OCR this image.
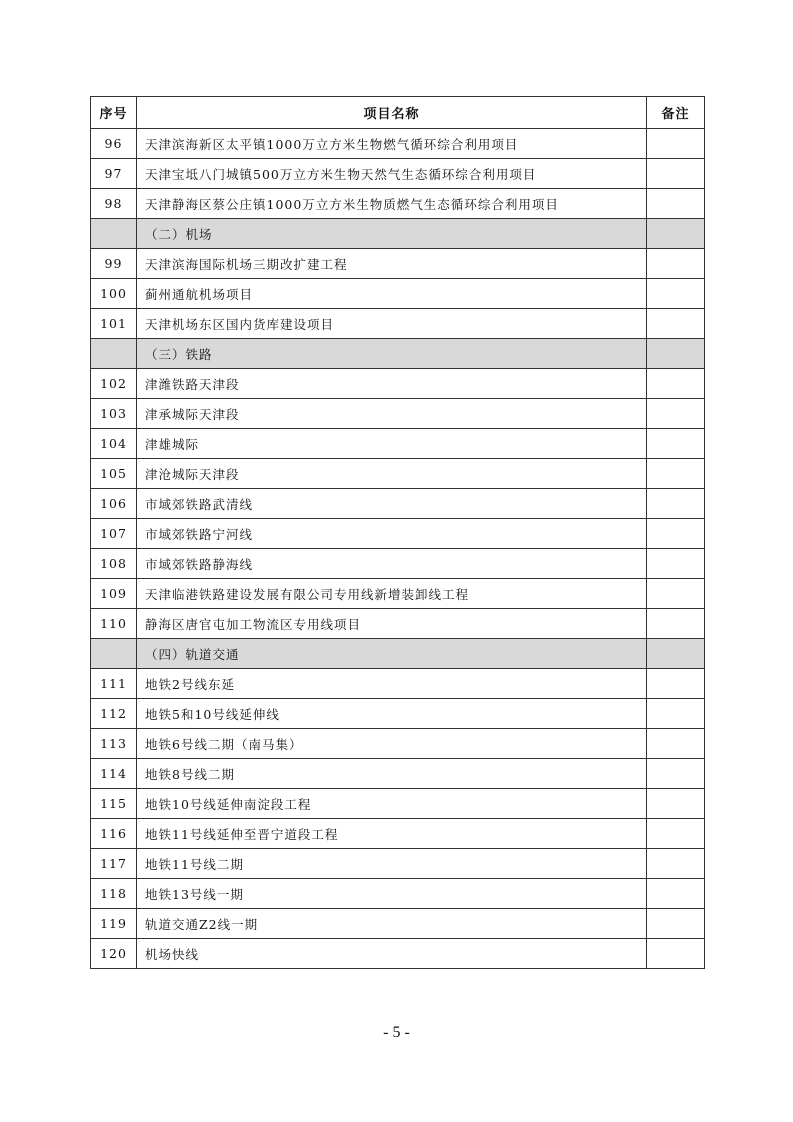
序号	项目名称	备注
96	天津滨海新区太平镇1000万立方米生物燃气循环综合利用项目	
97	天津宝坻八门城镇500万立方米生物天然气生态循环综合利用项目	
98	天津静海区蔡公庄镇1000万立方米生物质燃气生态循环综合利用项目	
	（二）机场	
99	天津滨海国际机场三期改扩建工程	
100	蓟州通航机场项目	
101	天津机场东区国内货库建设项目	
	（三）铁路	
102	津潍铁路天津段	
103	津承城际天津段	
104	津雄城际	
105	津沧城际天津段	
106	市域郊铁路武清线	
107	市域郊铁路宁河线	
108	市域郊铁路静海线	
109	天津临港铁路建设发展有限公司专用线新增装卸线工程	
110	静海区唐官屯加工物流区专用线项目	
	（四）轨道交通	
111	地铁2号线东延	
112	地铁5和10号线延伸线	
113	地铁6号线二期（南马集）	
114	地铁8号线二期	
115	地铁10号线延伸南淀段工程	
116	地铁11号线延伸至晋宁道段工程	
117	地铁11号线二期	
118	地铁13号线一期	
119	轨道交通Z2线一期	
120	机场快线	
- 5 -
